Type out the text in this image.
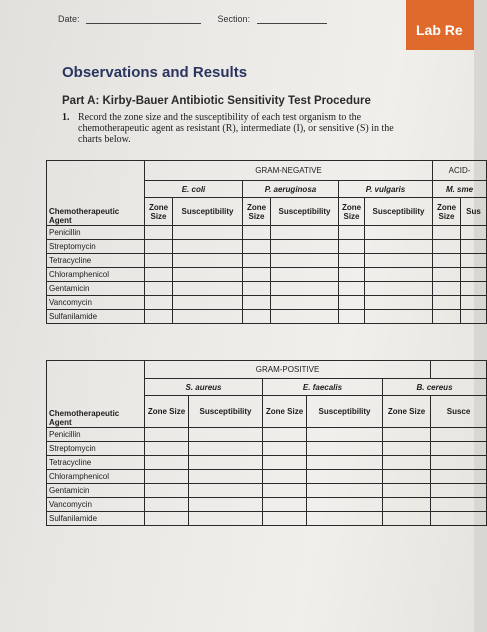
Date:	Section:
Lab Re
Observations and Results
Part A: Kirby-Bauer Antibiotic Sensitivity Test Procedure
1. Record the zone size and the susceptibility of each test organism to the chemotherapeutic agent as resistant (R), intermediate (I), or sensitive (S) in the charts below.
	GRAM-NEGATIVE						ACID-	
	E. coli		P. aeruginosa		P. vulgaris		M. sme	
Chemotherapeutic Agent	Zone Size	Susceptibility	Zone Size	Susceptibility	Zone Size	Susceptibility	Zone Size	Sus
Penicillin								
Streptomycin								
Tetracycline								
Chloramphenicol								
Gentamicin								
Vancomycin								
Sulfanilamide								
	GRAM-POSITIVE					
	S. aureus		E. faecalis		B. cereus	
Chemotherapeutic Agent	Zone Size	Susceptibility	Zone Size	Susceptibility	Zone Size	Susce
Penicillin						
Streptomycin						
Tetracycline						
Chloramphenicol						
Gentamicin						
Vancomycin						
Sulfanilamide						
